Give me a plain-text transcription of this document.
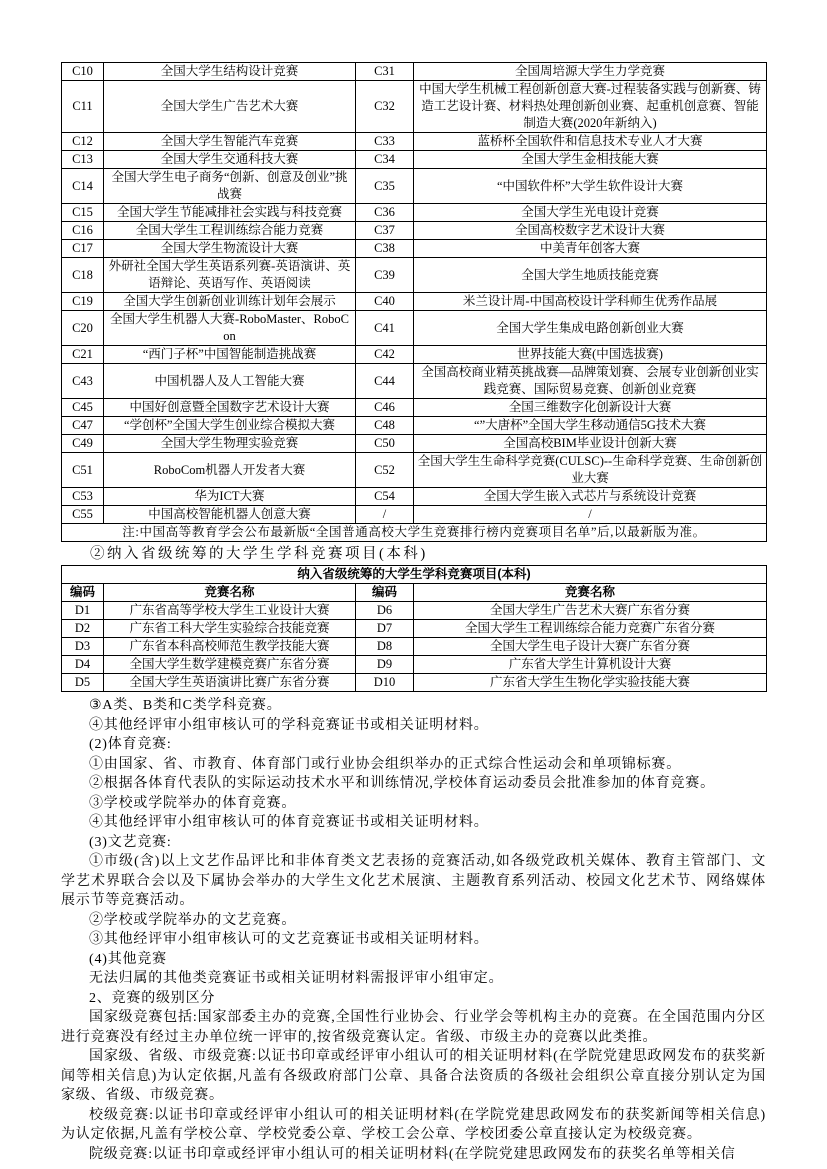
C10	全国大学生结构设计竞赛	C31	全国周培源大学生力学竞赛
C11	全国大学生广告艺术大赛	C32	中国大学生机械工程创新创意大赛-过程装备实践与创新赛、铸造工艺设计赛、材料热处理创新创业赛、起重机创意赛、智能制造大赛(2020年新纳入)
C12	全国大学生智能汽车竞赛	C33	蓝桥杯全国软件和信息技术专业人才大赛
C13	全国大学生交通科技大赛	C34	全国大学生金相技能大赛
C14	全国大学生电子商务“创新、创意及创业”挑战赛	C35	“中国软件杯”大学生软件设计大赛
C15	全国大学生节能减排社会实践与科技竞赛	C36	全国大学生光电设计竞赛
C16	全国大学生工程训练综合能力竞赛	C37	全国高校数字艺术设计大赛
C17	全国大学生物流设计大赛	C38	中美青年创客大赛
C18	外研社全国大学生英语系列赛-英语演讲、英语辩论、英语写作、英语阅读	C39	全国大学生地质技能竞赛
C19	全国大学生创新创业训练计划年会展示	C40	米兰设计周-中国高校设计学科师生优秀作品展
C20	全国大学生机器人大赛-RoboMaster、RoboCon	C41	全国大学生集成电路创新创业大赛
C21	“西门子杯”中国智能制造挑战赛	C42	世界技能大赛(中国选拔赛)
C43	中国机器人及人工智能大赛	C44	全国高校商业精英挑战赛—品牌策划赛、会展专业创新创业实践竞赛、国际贸易竞赛、创新创业竞赛
C45	中国好创意暨全国数字艺术设计大赛	C46	全国三维数字化创新设计大赛
C47	“学创杯”全国大学生创业综合模拟大赛	C48	“”大唐杯”全国大学生移动通信5G技术大赛
C49	全国大学生物理实验竞赛	C50	全国高校BIM毕业设计创新大赛
C51	RoboCom机器人开发者大赛	C52	全国大学生生命科学竞赛(CULSC)--生命科学竞赛、生命创新创业大赛
C53	华为ICT大赛	C54	全国大学生嵌入式芯片与系统设计竞赛
C55	中国高校智能机器人创意大赛	/	/
注:中国高等教育学会公布最新版“全国普通高校大学生竞赛排行榜内竞赛项目名单”后,以最新版为准。			

②纳入省级统筹的大学生学科竞赛项目(本科)

纳入省级统筹的大学生学科竞赛项目(本科)			
编码	竞赛名称	编码	竞赛名称
D1	广东省高等学校大学生工业设计大赛	D6	全国大学生广告艺术大赛广东省分赛
D2	广东省工科大学生实验综合技能竞赛	D7	全国大学生工程训练综合能力竞赛广东省分赛
D3	广东省本科高校师范生教学技能大赛	D8	全国大学生电子设计大赛广东省分赛
D4	全国大学生数学建模竞赛广东省分赛	D9	广东省大学生计算机设计大赛
D5	全国大学生英语演讲比赛广东省分赛	D10	广东省大学生生物化学实验技能大赛

③A类、B类和C类学科竞赛。

④其他经评审小组审核认可的学科竞赛证书或相关证明材料。

(2)体育竞赛:

①由国家、省、市教育、体育部门或行业协会组织举办的正式综合性运动会和单项锦标赛。

②根据各体育代表队的实际运动技术水平和训练情况,学校体育运动委员会批准参加的体育竞赛。

③学校或学院举办的体育竞赛。

④其他经评审小组审核认可的体育竞赛证书或相关证明材料。

(3)文艺竞赛:

①市级(含)以上文艺作品评比和非体育类文艺表扬的竞赛活动,如各级党政机关媒体、教育主管部门、文学艺术界联合会以及下属协会举办的大学生文化艺术展演、主题教育系列活动、校园文化艺术节、网络媒体展示节等竞赛活动。

②学校或学院举办的文艺竞赛。

③其他经评审小组审核认可的文艺竞赛证书或相关证明材料。

(4)其他竞赛

无法归属的其他类竞赛证书或相关证明材料需报评审小组审定。

2、竞赛的级别区分

国家级竞赛包括:国家部委主办的竞赛,全国性行业协会、行业学会等机构主办的竞赛。在全国范围内分区进行竞赛没有经过主办单位统一评审的,按省级竞赛认定。省级、市级主办的竞赛以此类推。

国家级、省级、市级竞赛:以证书印章或经评审小组认可的相关证明材料(在学院党建思政网发布的获奖新闻等相关信息)为认定依据,凡盖有各级政府部门公章、具备合法资质的各级社会组织公章直接分别认定为国家级、省级、市级竞赛。

校级竞赛:以证书印章或经评审小组认可的相关证明材料(在学院党建思政网发布的获奖新闻等相关信息)为认定依据,凡盖有学校公章、学校党委公章、学校工会公章、学校团委公章直接认定为校级竞赛。

院级竞赛:以证书印章或经评审小组认可的相关证明材料(在学院党建思政网发布的获奖名单等相关信
